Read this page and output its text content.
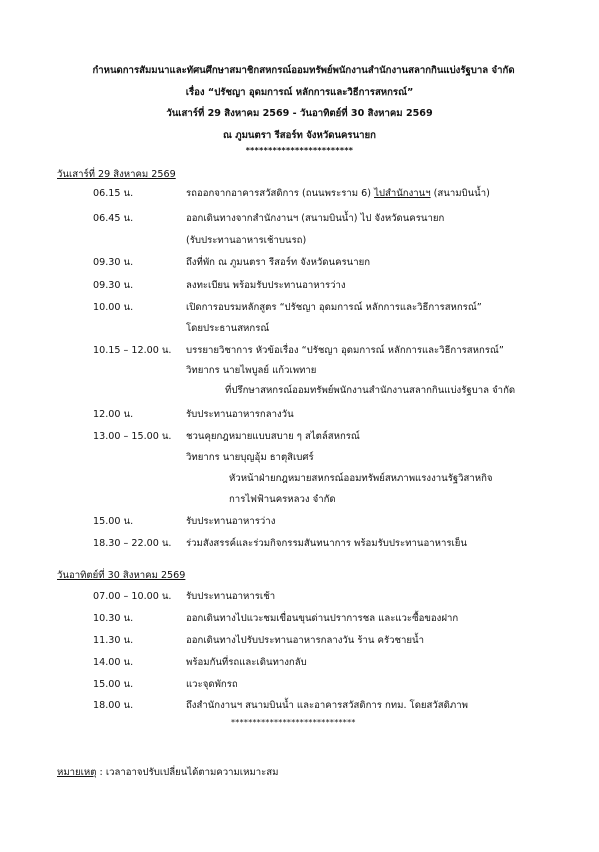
กำหนดการสัมมนาและทัศนศึกษาสมาชิกสหกรณ์ออมทรัพย์พนักงานสำนักงานสลากกินแบ่งรัฐบาล จำกัด
เรื่อง “ปรัชญา อุดมการณ์ หลักการและวิธีการสหกรณ์”
วันเสาร์ที่ 29 สิงหาคม 2569 - วันอาทิตย์ที่ 30 สิงหาคม 2569
ณ ภูมนตรา รีสอร์ท จังหวัดนครนายก
************************
วันเสาร์ที่ 29 สิงหาคม 2569
06.15 น.	รถออกจากอาคารสวัสดิการ (ถนนพระราม 6) ไปสำนักงานฯ (สนามบินน้ำ)
06.45 น.	ออกเดินทางจากสำนักงานฯ (สนามบินน้ำ) ไป จังหวัดนครนายก
(รับประทานอาหารเช้าบนรถ)
09.30 น.	ถึงที่พัก ณ ภูมนตรา รีสอร์ท จังหวัดนครนายก
09.30 น.	ลงทะเบียน พร้อมรับประทานอาหารว่าง
10.00 น.	เปิดการอบรมหลักสูตร “ปรัชญา อุดมการณ์ หลักการและวิธีการสหกรณ์”
โดยประธานสหกรณ์
10.15 – 12.00 น. บรรยายวิชาการ หัวข้อเรื่อง “ปรัชญา อุดมการณ์ หลักการและวิธีการสหกรณ์”
วิทยากร นายไพบูลย์ แก้วเพทาย
ที่ปรึกษาสหกรณ์ออมทรัพย์พนักงานสำนักงานสลากกินแบ่งรัฐบาล จำกัด
12.00 น.	รับประทานอาหารกลางวัน
13.00 – 15.00 น. ชวนคุยกฎหมายแบบสบาย ๆ สไตล์สหกรณ์
วิทยากร นายบุญอุ้ม ธาตุสิเบศร์
หัวหน้าฝ่ายกฎหมายสหกรณ์ออมทรัพย์สหภาพแรงงานรัฐวิสาหกิจ
การไฟฟ้านครหลวง จำกัด
15.00 น.	รับประทานอาหารว่าง
18.30 – 22.00 น. ร่วมสังสรรค์และร่วมกิจกรรมสันทนาการ พร้อมรับประทานอาหารเย็น
วันอาทิตย์ที่ 30 สิงหาคม 2569
07.00 – 10.00 น. รับประทานอาหารเช้า
10.30 น.	ออกเดินทางไปแวะชมเขื่อนขุนด่านปราการชล และแวะซื้อของฝาก
11.30 น.	ออกเดินทางไปรับประทานอาหารกลางวัน ร้าน ครัวชายน้ำ
14.00 น.	พร้อมกันที่รถและเดินทางกลับ
15.00 น.	แวะจุดพักรถ
18.00 น.	ถึงสำนักงานฯ สนามบินน้ำ และอาคารสวัสดิการ กทม. โดยสวัสดิภาพ
*****************************
หมายเหตุ : เวลาอาจปรับเปลี่ยนได้ตามความเหมาะสม
